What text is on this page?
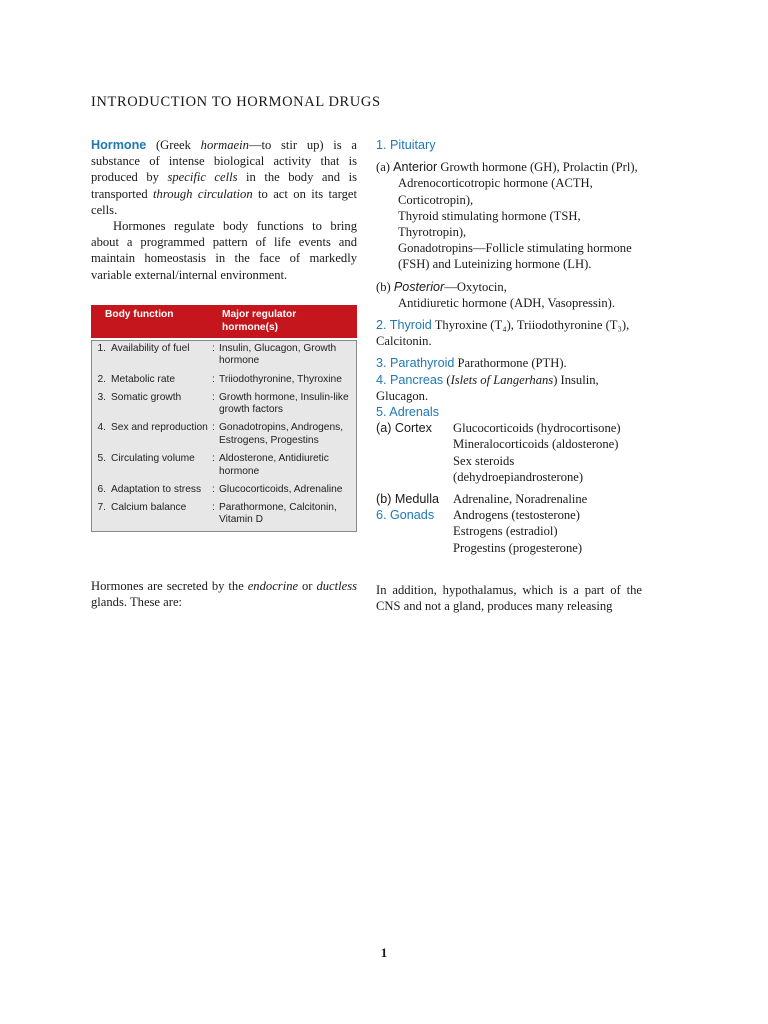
INTRODUCTION TO HORMONAL DRUGS

Hormone (Greek hormaein—to stir up) is a substance of intense biological activity that is produced by specific cells in the body and is transported through circulation to act on its target cells.

Hormones regulate body functions to bring about a programmed pattern of life events and maintain homeostasis in the face of markedly variable external/internal environment.

Body function	Major regulator hormone(s)
1. Availability of fuel	: Insulin, Glucagon, Growth hormone
2. Metabolic rate	: Triiodothyronine, Thyroxine
3. Somatic growth	: Growth hormone, Insulin-like growth factors
4. Sex and reproduction : Gonadotropins, Androgens, Estrogens, Progestins
5. Circulating volume	: Aldosterone, Antidiuretic hormone
6. Adaptation to stress	: Glucocorticoids, Adrenaline
7. Calcium balance	: Parathormone, Calcitonin, Vitamin D

Hormones are secreted by the endocrine or ductless glands. These are:

1. Pituitary

(a) Anterior Growth hormone (GH), Prolactin (Prl),

Adrenocorticotropic hormone (ACTH, Corticotropin),

Thyroid stimulating hormone (TSH, Thyrotropin),

Gonadotropins—Follicle stimulating hormone (FSH) and Luteinizing hormone (LH).

(b) Posterior—Oxytocin,

Antidiuretic hormone (ADH, Vasopressin).

2. Thyroid Thyroxine (T₄), Triiodothyronine (T₃), Calcitonin.

3. Parathyroid Parathormone (PTH).

4. Pancreas (Islets of Langerhans) Insulin, Glucagon.

5. Adrenals

(a) Cortex	Glucocorticoids (hydrocortisone)

Mineralocorticoids (aldosterone)

Sex steroids (dehydroepiandrosterone)

(b) Medulla	Adrenaline, Noradrenaline

6. Gonads	Androgens (testosterone)

Estrogens (estradiol)

Progestins (progesterone)

In addition, hypothalamus, which is a part of the CNS and not a gland, produces many releasing

1
